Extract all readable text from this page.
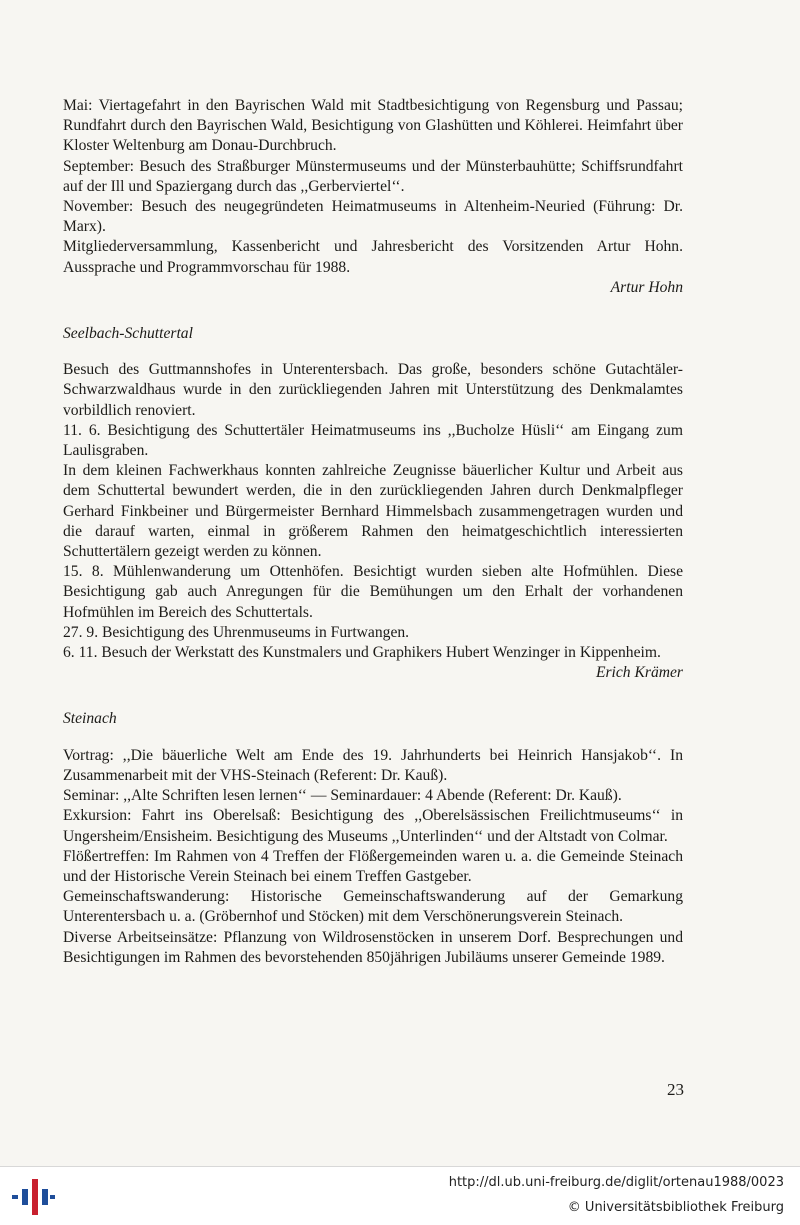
Mai: Viertagefahrt in den Bayrischen Wald mit Stadtbesichtigung von Regensburg und Passau; Rundfahrt durch den Bayrischen Wald, Besichtigung von Glashütten und Köhlerei. Heimfahrt über Kloster Weltenburg am Donau-Durchbruch.

September: Besuch des Straßburger Münstermuseums und der Münsterbauhütte; Schiffsrundfahrt auf der Ill und Spaziergang durch das ,,Gerberviertel‘‘.

November: Besuch des neugegründeten Heimatmuseums in Altenheim-Neuried (Führung: Dr. Marx).

Mitgliederversammlung, Kassenbericht und Jahresbericht des Vorsitzenden Artur Hohn. Aussprache und Programmvorschau für 1988.

Artur Hohn

Seelbach-Schuttertal

Besuch des Guttmannshofes in Unterentersbach. Das große, besonders schöne Gutachtäler-Schwarzwaldhaus wurde in den zurückliegenden Jahren mit Unterstützung des Denkmalamtes vorbildlich renoviert.

11. 6. Besichtigung des Schuttertäler Heimatmuseums ins ,,Bucholze Hüsli‘‘ am Eingang zum Laulisgraben.

In dem kleinen Fachwerkhaus konnten zahlreiche Zeugnisse bäuerlicher Kultur und Arbeit aus dem Schuttertal bewundert werden, die in den zurückliegenden Jahren durch Denkmalpfleger Gerhard Finkbeiner und Bürgermeister Bernhard Himmelsbach zusammengetragen wurden und die darauf warten, einmal in größerem Rahmen den heimatgeschichtlich interessierten Schuttertälern gezeigt werden zu können.

15. 8. Mühlenwanderung um Ottenhöfen. Besichtigt wurden sieben alte Hofmühlen. Diese Besichtigung gab auch Anregungen für die Bemühungen um den Erhalt der vorhandenen Hofmühlen im Bereich des Schuttertals.

27. 9. Besichtigung des Uhrenmuseums in Furtwangen.

6. 11. Besuch der Werkstatt des Kunstmalers und Graphikers Hubert Wenzinger in Kippenheim.

Erich Krämer

Steinach

Vortrag: ,,Die bäuerliche Welt am Ende des 19. Jahrhunderts bei Heinrich Hansjakob‘‘. In Zusammenarbeit mit der VHS-Steinach (Referent: Dr. Kauß).

Seminar: ,,Alte Schriften lesen lernen‘‘ — Seminardauer: 4 Abende (Referent: Dr. Kauß).

Exkursion: Fahrt ins Oberelsaß: Besichtigung des ,,Oberelsässischen Freilichtmuseums‘‘ in Ungersheim/Ensisheim. Besichtigung des Museums ,,Unterlinden‘‘ und der Altstadt von Colmar.

Flößertreffen: Im Rahmen von 4 Treffen der Flößergemeinden waren u. a. die Gemeinde Steinach und der Historische Verein Steinach bei einem Treffen Gastgeber.

Gemeinschaftswanderung: Historische Gemeinschaftswanderung auf der Gemarkung Unterentersbach u. a. (Gröbernhof und Stöcken) mit dem Verschönerungsverein Steinach.

Diverse Arbeitseinsätze: Pflanzung von Wildrosenstöcken in unserem Dorf. Besprechungen und Besichtigungen im Rahmen des bevorstehenden 850jährigen Jubiläums unserer Gemeinde 1989.

23
http://dl.ub.uni-freiburg.de/diglit/ortenau1988/0023
© Universitätsbibliothek Freiburg
